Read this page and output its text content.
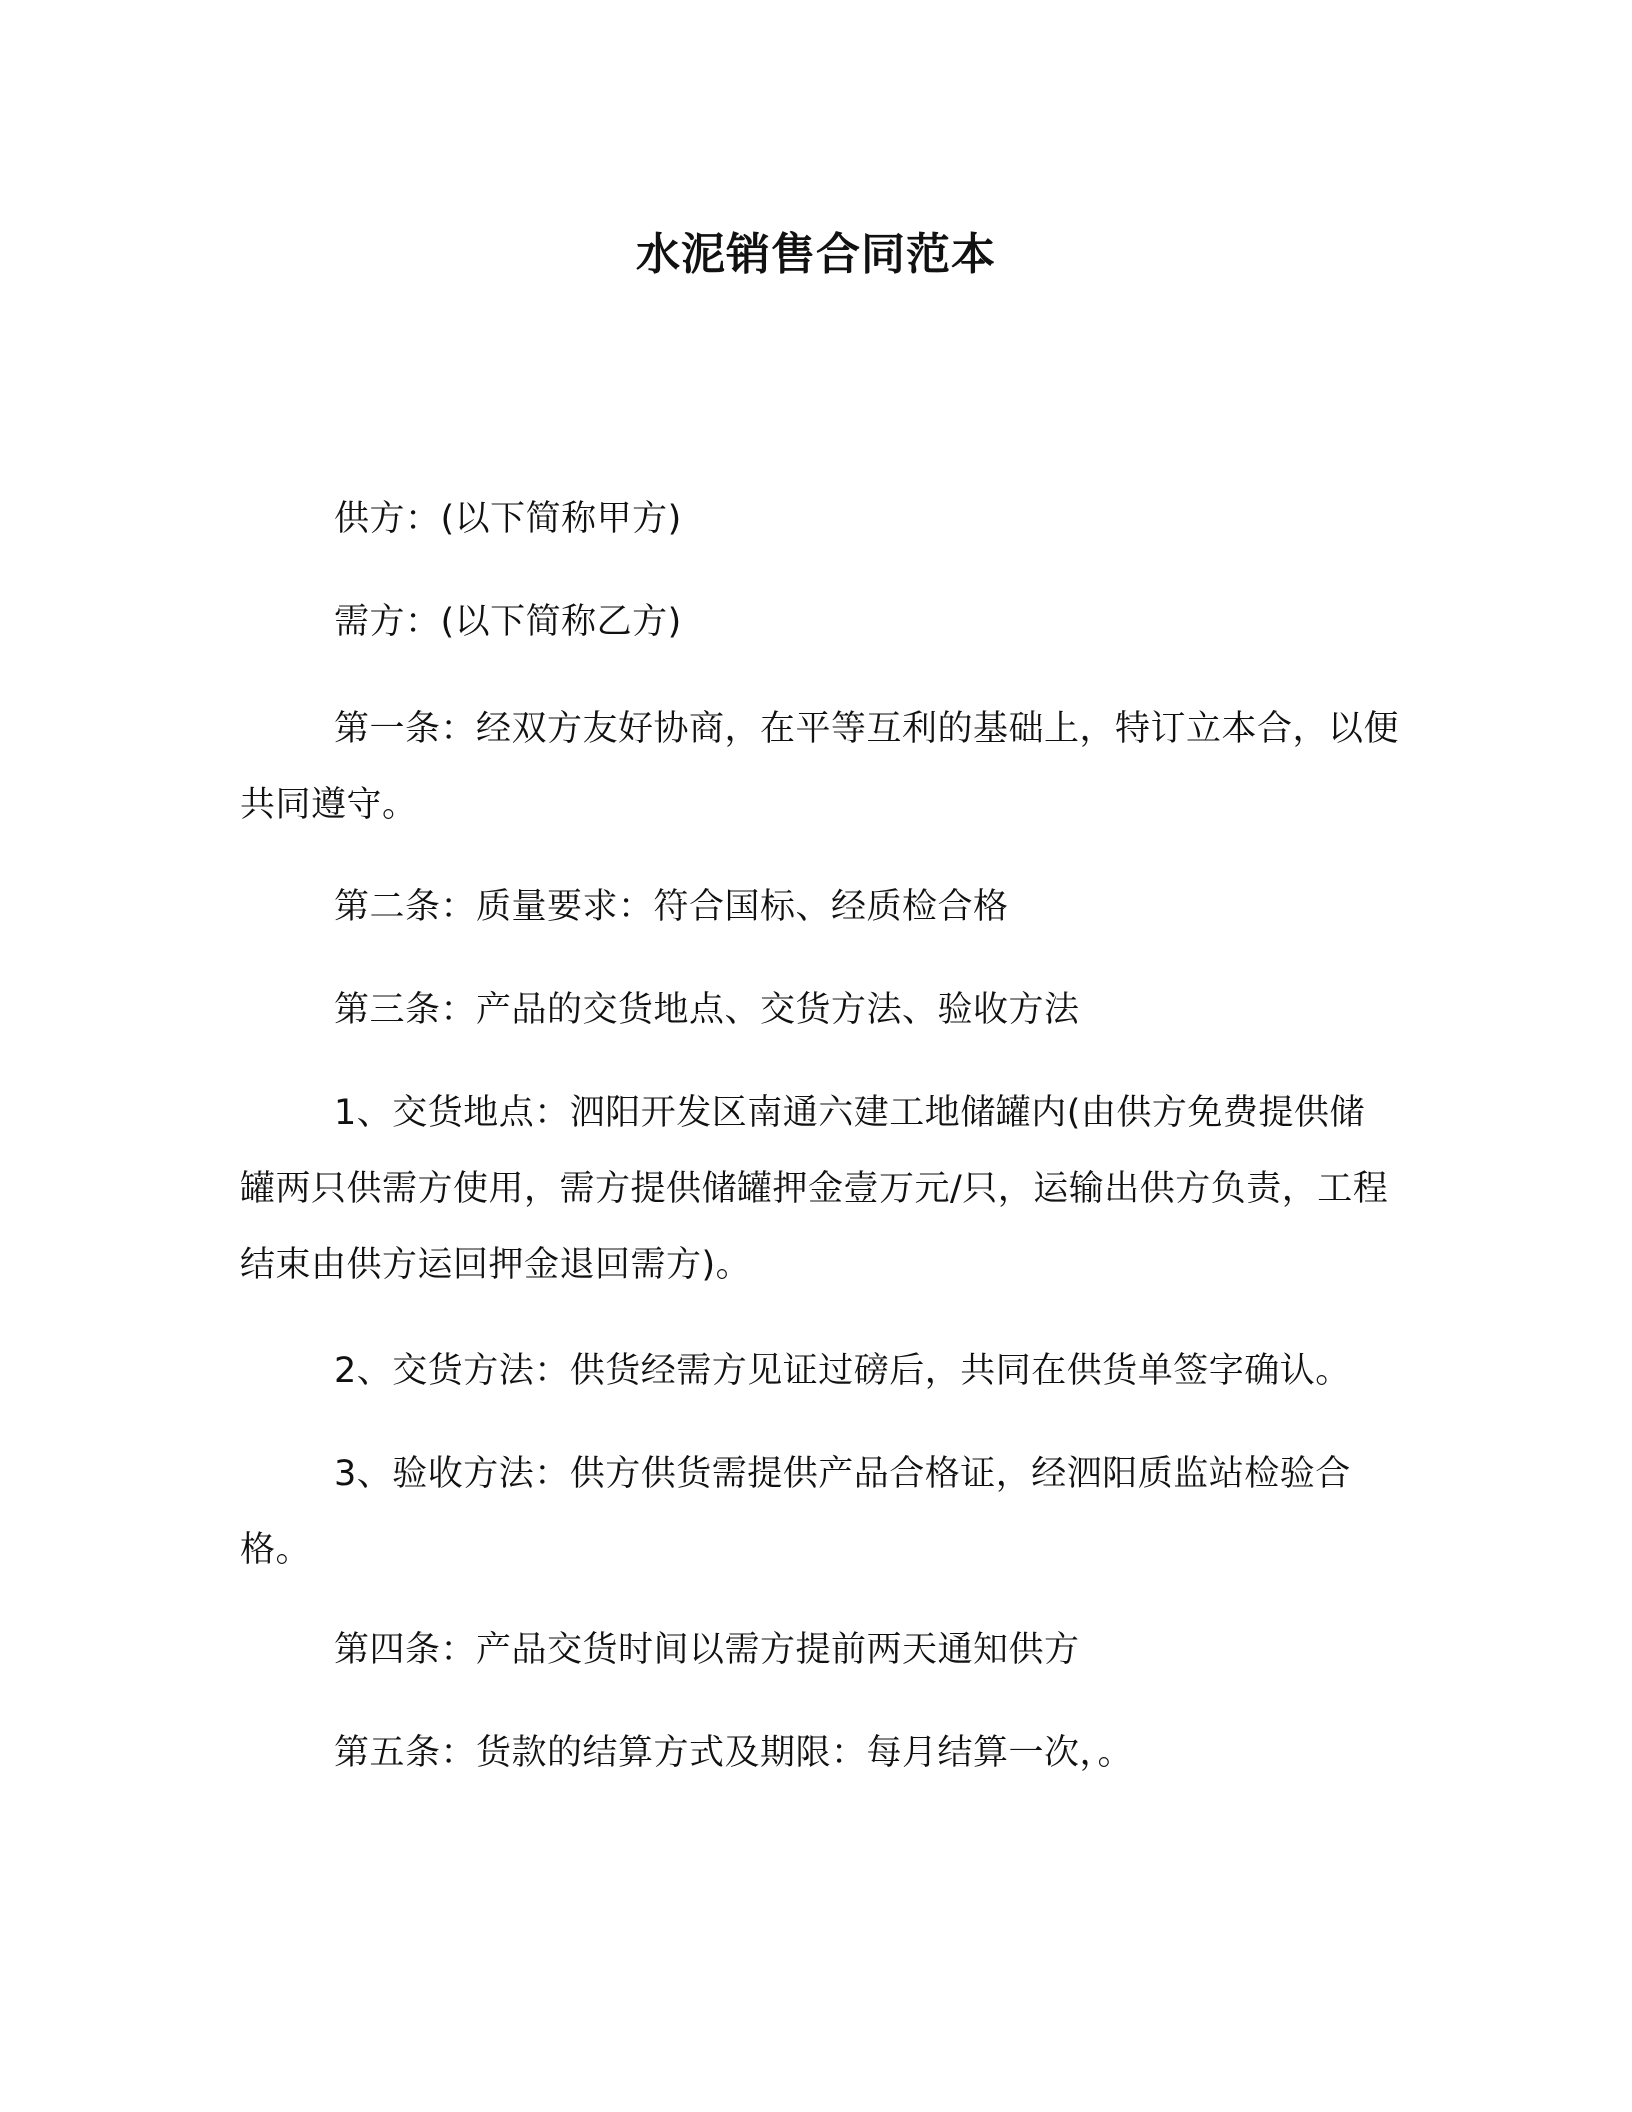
水泥销售合同范本

供方：(以下简称甲方)

需方：(以下简称乙方)

第一条：经双方友好协商，在平等互利的基础上，特订立本合，以便共同遵守。

第二条：质量要求：符合国标、经质检合格

第三条：产品的交货地点、交货方法、验收方法

1、交货地点：泗阳开发区南通六建工地储罐内(由供方免费提供储罐两只供需方使用，需方提供储罐押金壹万元/只，运输出供方负责，工程结束由供方运回押金退回需方)。

2、交货方法：供货经需方见证过磅后，共同在供货单签字确认。

3、验收方法：供方供货需提供产品合格证，经泗阳质监站检验合格。

第四条：产品交货时间以需方提前两天通知供方

第五条：货款的结算方式及期限：每月结算一次，。
